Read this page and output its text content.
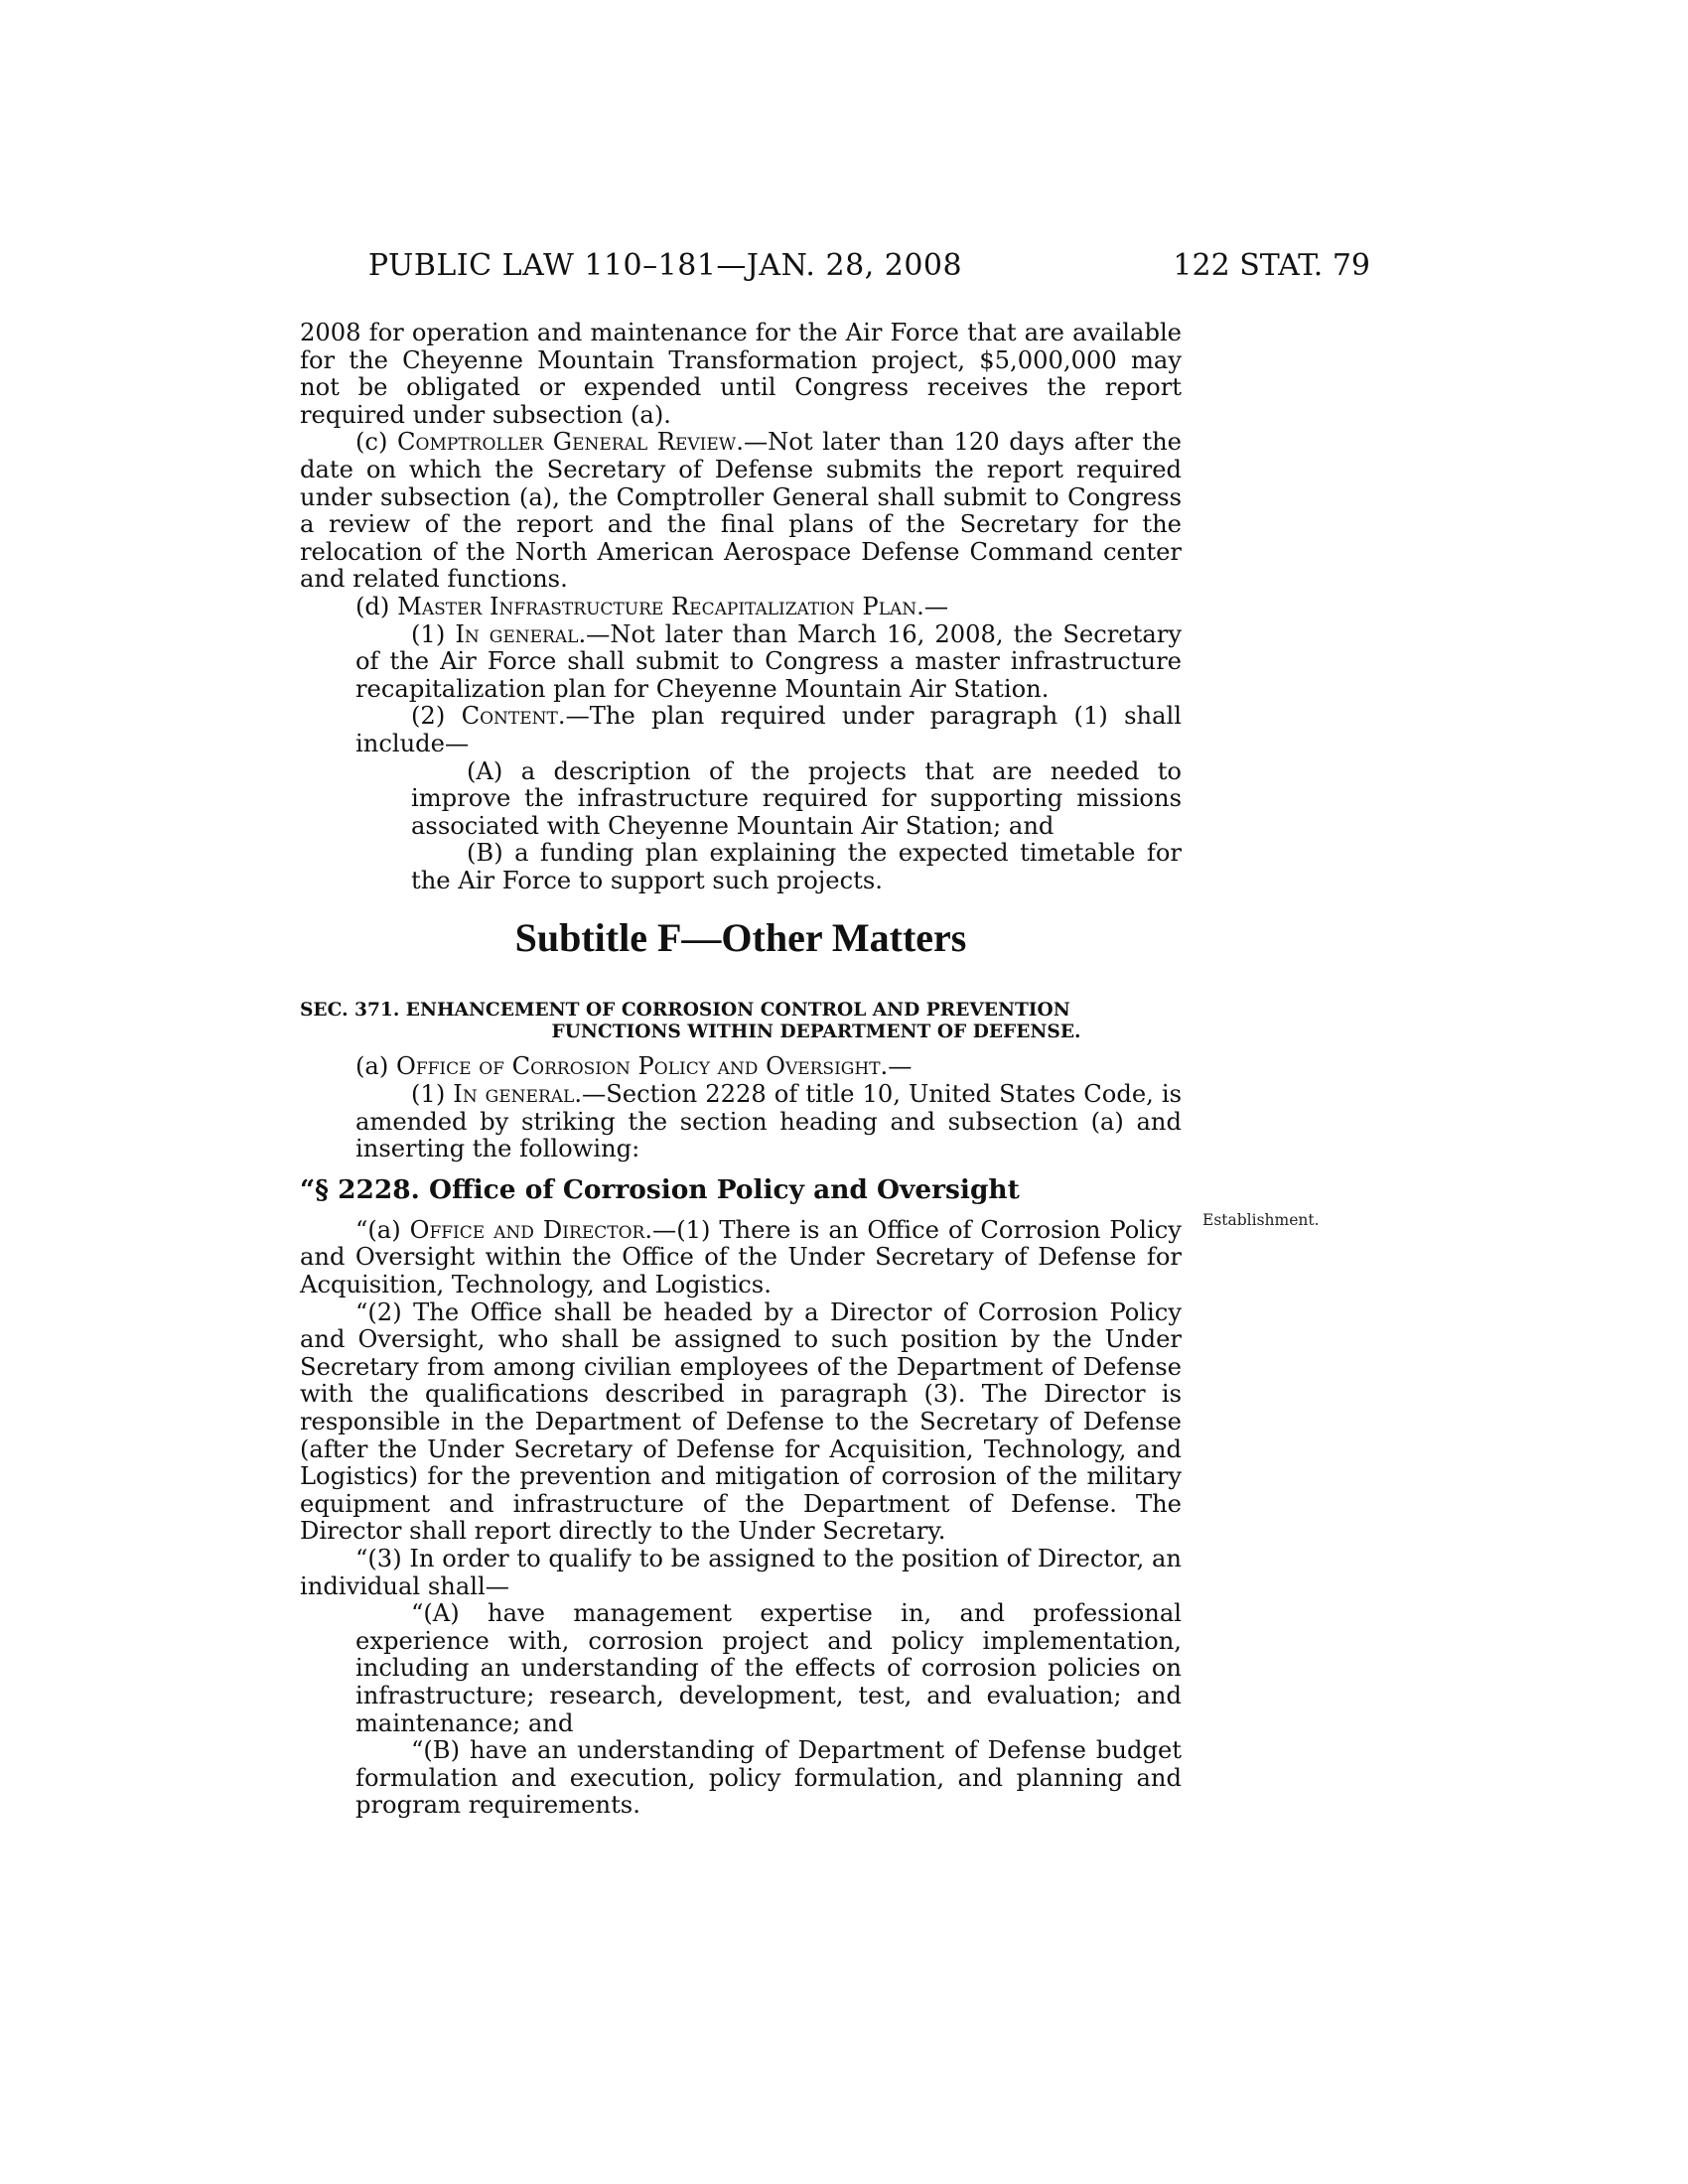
PUBLIC LAW 110–181—JAN. 28, 2008	122 STAT. 79

2008 for operation and maintenance for the Air Force that are available for the Cheyenne Mountain Transformation project, $5,000,000 may not be obligated or expended until Congress receives the report required under subsection (a).

(c) Comptroller General Review.—Not later than 120 days after the date on which the Secretary of Defense submits the report required under subsection (a), the Comptroller General shall submit to Congress a review of the report and the final plans of the Secretary for the relocation of the North American Aerospace Defense Command center and related functions.

(d) Master Infrastructure Recapitalization Plan.—

(1) In general.—Not later than March 16, 2008, the Secretary of the Air Force shall submit to Congress a master infrastructure recapitalization plan for Cheyenne Mountain Air Station.

(2) Content.—The plan required under paragraph (1) shall include—

(A) a description of the projects that are needed to improve the infrastructure required for supporting missions associated with Cheyenne Mountain Air Station; and

(B) a funding plan explaining the expected timetable for the Air Force to support such projects.

Subtitle F—Other Matters
SEC. 371. ENHANCEMENT OF CORROSION CONTROL AND PREVENTION
FUNCTIONS WITHIN DEPARTMENT OF DEFENSE.

(a) Office of Corrosion Policy and Oversight.—

(1) In general.—Section 2228 of title 10, United States Code, is amended by striking the section heading and subsection (a) and inserting the following:

“§ 2228. Office of Corrosion Policy and Oversight

“(a) Office and Director.—(1) There is an Office of Corrosion Policy and Oversight within the Office of the Under Secretary of Defense for Acquisition, Technology, and Logistics.

“(2) The Office shall be headed by a Director of Corrosion Policy and Oversight, who shall be assigned to such position by the Under Secretary from among civilian employees of the Department of Defense with the qualifications described in paragraph (3). The Director is responsible in the Department of Defense to the Secretary of Defense (after the Under Secretary of Defense for Acquisition, Technology, and Logistics) for the prevention and mitigation of corrosion of the military equipment and infrastructure of the Department of Defense. The Director shall report directly to the Under Secretary.

“(3) In order to qualify to be assigned to the position of Director, an individual shall—

“(A) have management expertise in, and professional experience with, corrosion project and policy implementation, including an understanding of the effects of corrosion policies on infrastructure; research, development, test, and evaluation; and maintenance; and

“(B) have an understanding of Department of Defense budget formulation and execution, policy formulation, and planning and program requirements.

Establishment.
